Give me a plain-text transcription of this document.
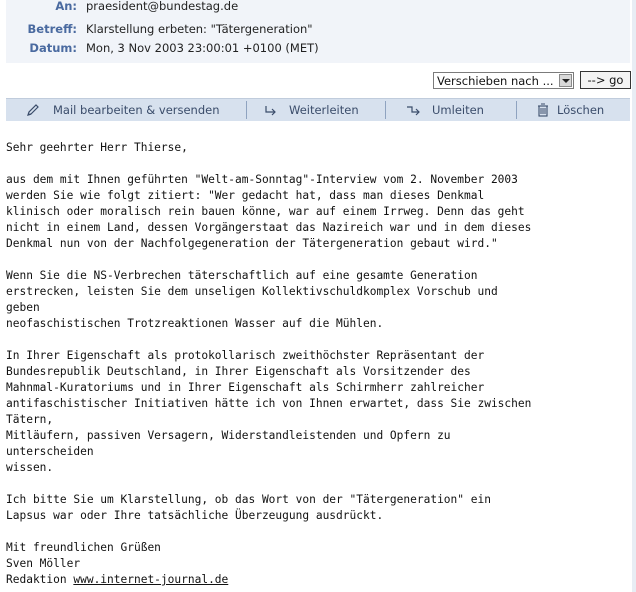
An: praesident@bundestag.de
Betreff: Klarstellung erbeten: "Tätergeneration"
Datum: Mon, 3 Nov 2003 23:00:01 +0100 (MET)
Verschieben nach ...	--> go
Mail bearbeiten & versenden	Weiterleiten	Umleiten	Löschen
Sehr geehrter Herr Thierse,

aus dem mit Ihnen geführten "Welt-am-Sonntag"-Interview vom 2. November 2003
werden Sie wie folgt zitiert: "Wer gedacht hat, dass man dieses Denkmal
klinisch oder moralisch rein bauen könne, war auf einem Irrweg. Denn das geht
nicht in einem Land, dessen Vorgängerstaat das Nazireich war und in dem dieses
Denkmal nun von der Nachfolgegeneration der Tätergeneration gebaut wird."

Wenn Sie die NS-Verbrechen täterschaftlich auf eine gesamte Generation
erstrecken, leisten Sie dem unseligen Kollektivschuldkomplex Vorschub und
geben
neofaschistischen Trotzreaktionen Wasser auf die Mühlen.

In Ihrer Eigenschaft als protokollarisch zweithöchster Repräsentant der
Bundesrepublik Deutschland, in Ihrer Eigenschaft als Vorsitzender des
Mahnmal-Kuratoriums und in Ihrer Eigenschaft als Schirmherr zahlreicher
antifaschistischer Initiativen hätte ich von Ihnen erwartet, dass Sie zwischen
Tätern,
Mitläufern, passiven Versagern, Widerstandleistenden und Opfern zu
unterscheiden
wissen.

Ich bitte Sie um Klarstellung, ob das Wort von der "Tätergeneration" ein
Lapsus war oder Ihre tatsächliche Überzeugung ausdrückt.

Mit freundlichen Grüßen
Sven Möller
Redaktion www.internet-journal.de
